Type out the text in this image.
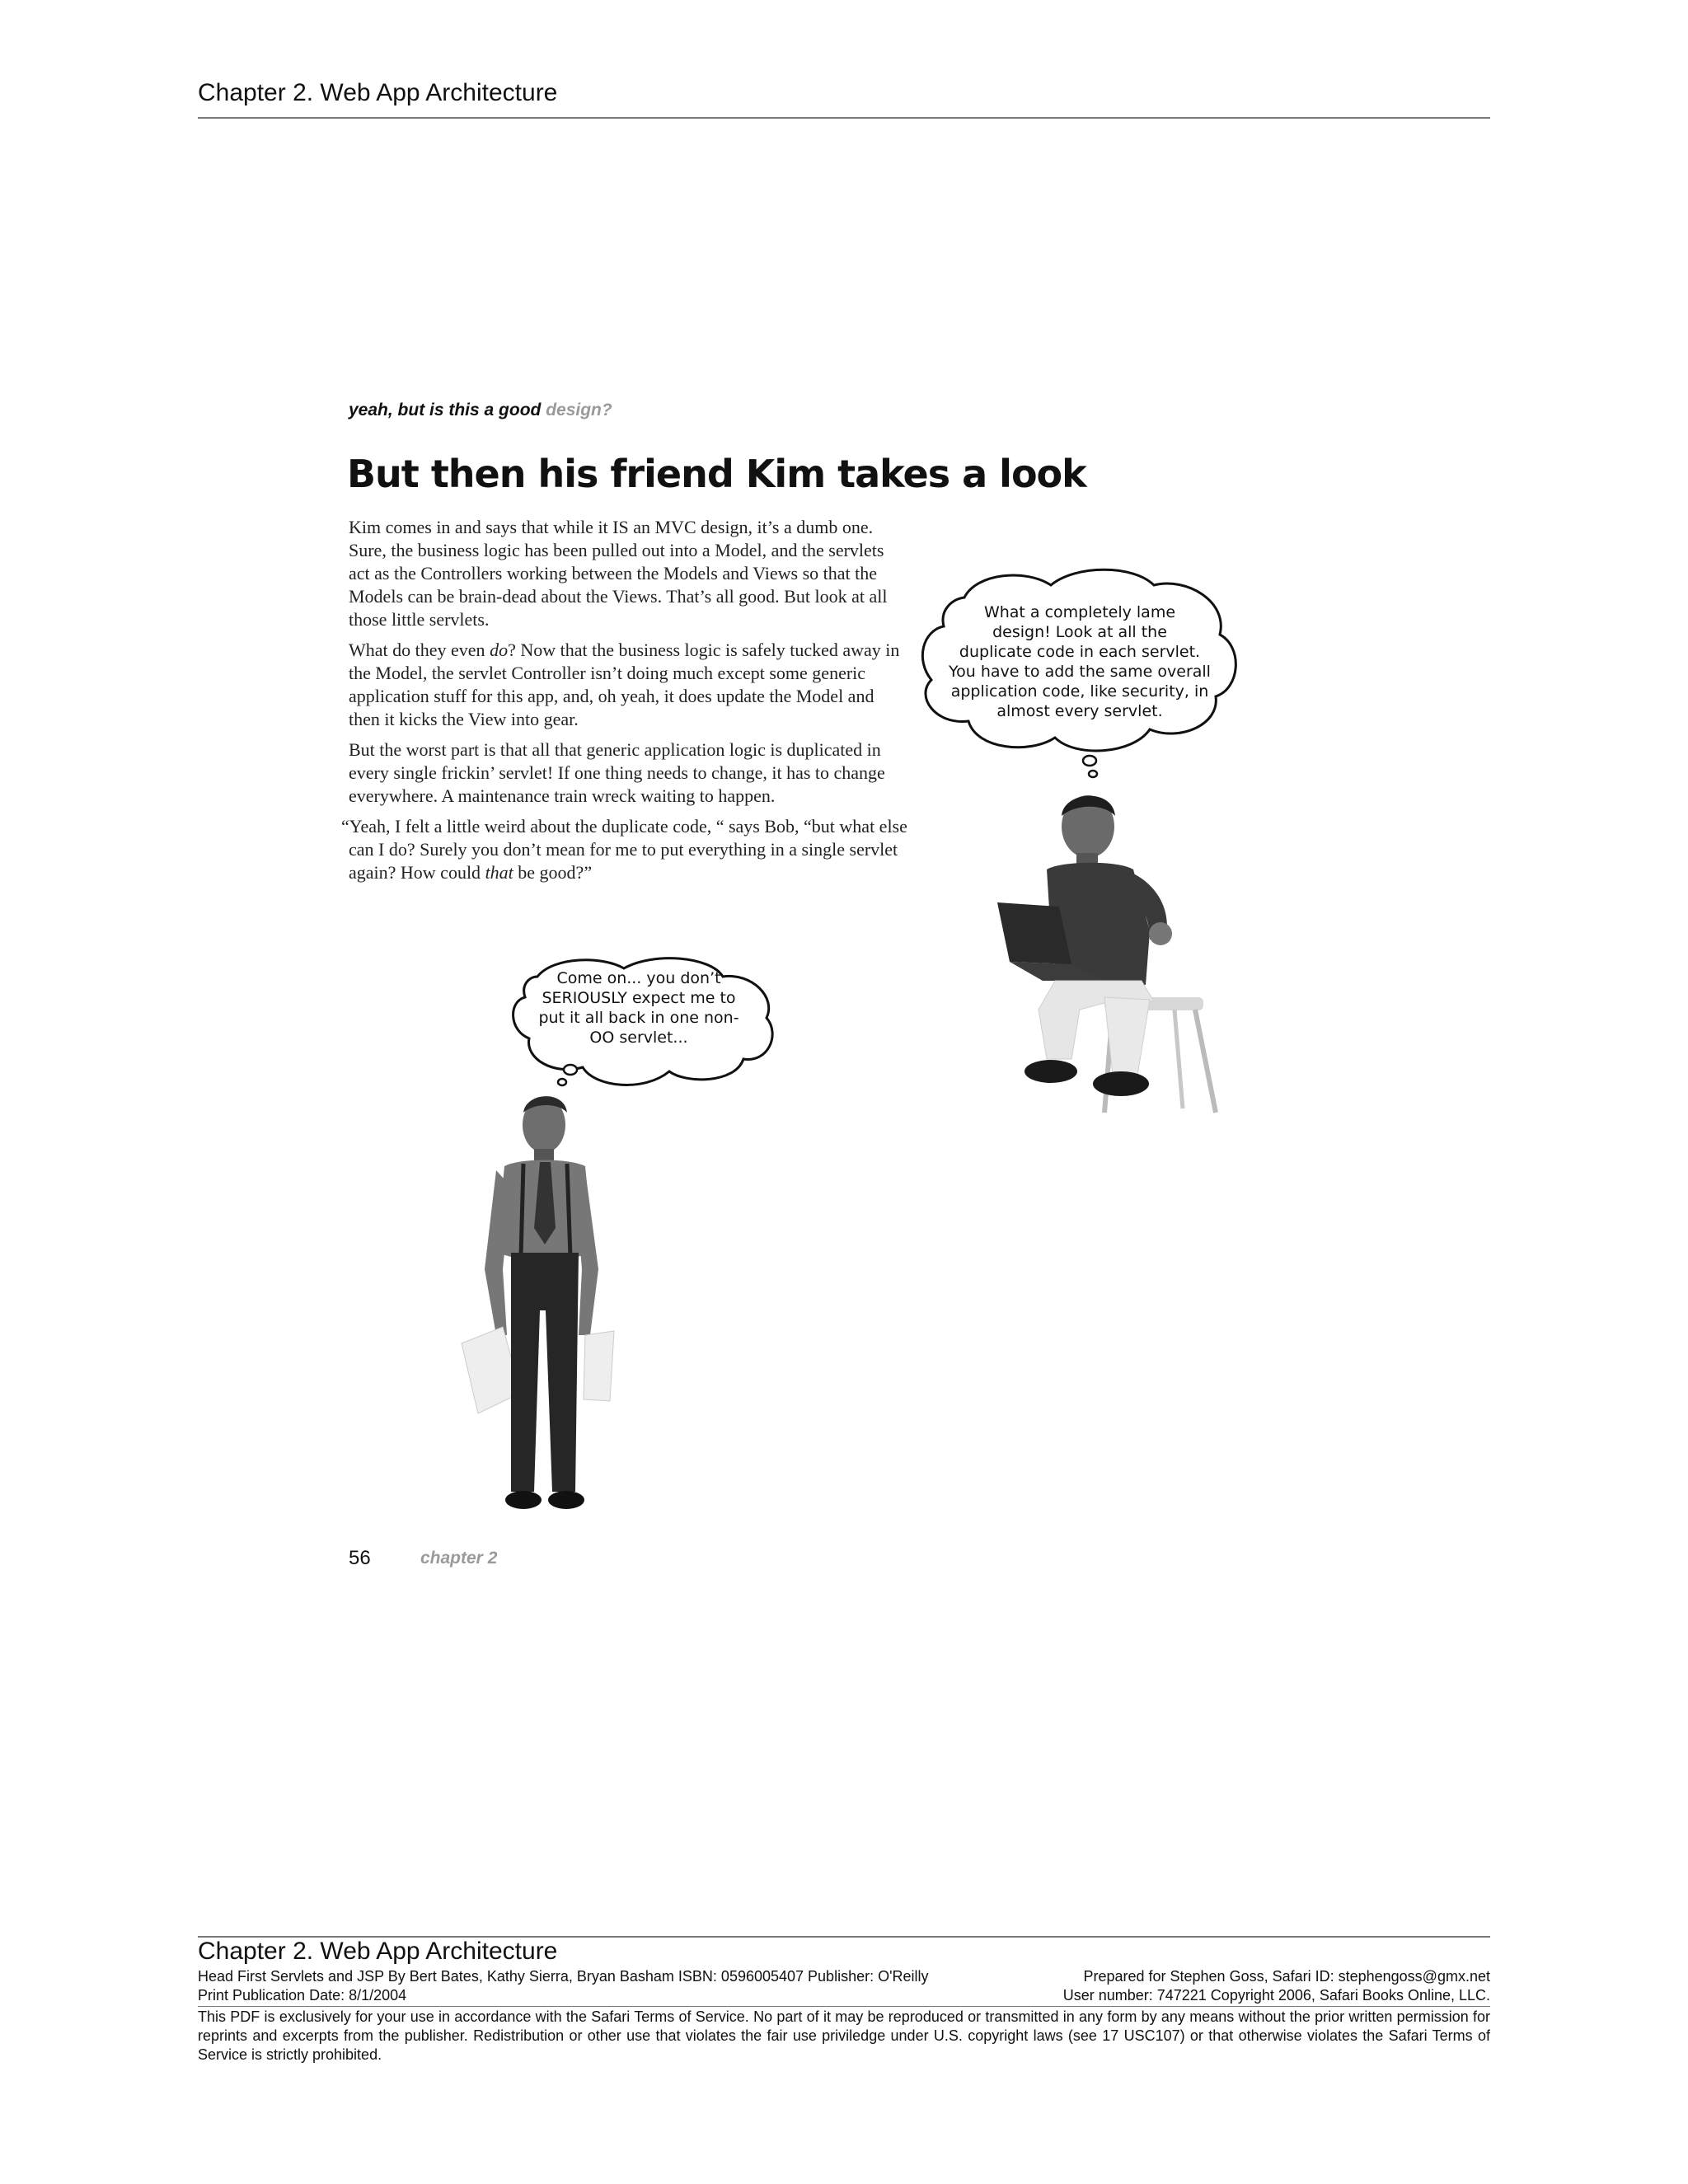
Chapter 2. Web App Architecture
yeah, but is this a good design?
But then his friend Kim takes a look

Kim comes in and says that while it IS an MVC design, it’s a dumb one. Sure, the business logic has been pulled out into a Model, and the servlets act as the Controllers working between the Models and Views so that the Models can be brain-dead about the Views. That’s all good. But look at all those little servlets.

What do they even do? Now that the business logic is safely tucked away in the Model, the servlet Controller isn’t doing much except some generic application stuff for this app, and, oh yeah, it does update the Model and then it kicks the View into gear.

But the worst part is that all that generic application logic is duplicated in every single frickin’ servlet! If one thing needs to change, it has to change everywhere. A maintenance train wreck waiting to happen.

“Yeah, I felt a little weird about the duplicate code, “ says Bob, “but what else can I do? Surely you don’t mean for me to put everything in a single servlet again? How could that be good?”

What a completely lame
design! Look at all the
duplicate code in each servlet.
You have to add the same overall
application code, like security, in
almost every servlet.
Come on... you don’t
SERIOUSLY expect me to
put it all back in one non-
OO servlet...
56	chapter 2
Chapter 2. Web App Architecture
Head First Servlets and JSP By Bert Bates, Kathy Sierra, Bryan Basham ISBN: 0596005407 Publisher: O'Reilly	Prepared for Stephen Goss, Safari ID: stephengoss@gmx.net
Print Publication Date: 8/1/2004	User number: 747221 Copyright 2006, Safari Books Online, LLC.
This PDF is exclusively for your use in accordance with the Safari Terms of Service. No part of it may be reproduced or transmitted in any form by any means without the prior written permission for reprints and excerpts from the publisher. Redistribution or other use that violates the fair use priviledge under U.S. copyright laws (see 17 USC107) or that otherwise violates the Safari Terms of Service is strictly prohibited.
